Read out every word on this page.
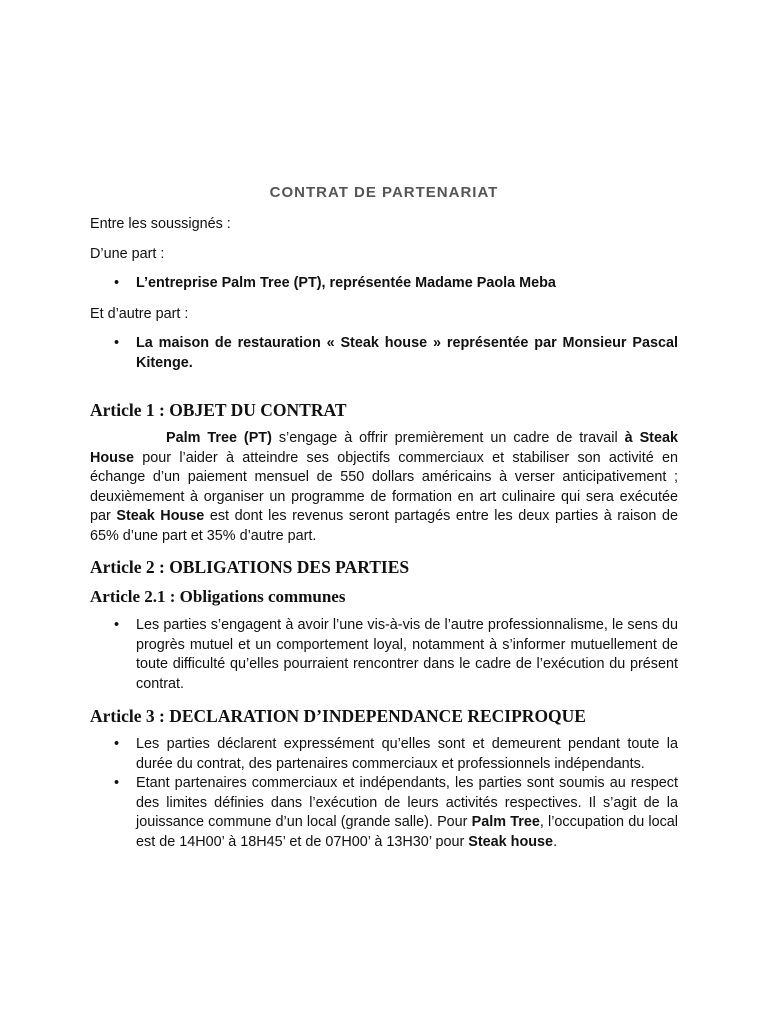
CONTRAT DE PARTENARIAT

Entre les soussignés :

D’une part :

• L’entreprise Palm Tree (PT), représentée Madame Paola Meba

Et d’autre part :

• La maison de restauration « Steak house » représentée par Monsieur Pascal Kitenge.
Article 1 : OBJET DU CONTRAT

Palm Tree (PT) s’engage à offrir premièrement un cadre de travail à Steak House pour l’aider à atteindre ses objectifs commerciaux et stabiliser son activité en échange d’un paiement mensuel de 550 dollars américains à verser anticipativement ; deuxièmement à organiser un programme de formation en art culinaire qui sera exécutée par Steak House est dont les revenus seront partagés entre les deux parties à raison de 65% d’une part et 35% d’autre part.

Article 2 : OBLIGATIONS DES PARTIES
Article 2.1 : Obligations communes
• Les parties s’engagent à avoir l’une vis-à-vis de l’autre professionnalisme, le sens du progrès mutuel et un comportement loyal, notamment à s’informer mutuellement de toute difficulté qu’elles pourraient rencontrer dans le cadre de l’exécution du présent contrat.
Article 3 : DECLARATION D’INDEPENDANCE RECIPROQUE
• Les parties déclarent expressément qu’elles sont et demeurent pendant toute la durée du contrat, des partenaires commerciaux et professionnels indépendants.
• Etant partenaires commerciaux et indépendants, les parties sont soumis au respect des limites définies dans l’exécution de leurs activités respectives. Il s’agit de la jouissance commune d’un local (grande salle). Pour Palm Tree, l’occupation du local est de 14H00’ à 18H45’ et de 07H00’ à 13H30’ pour Steak house.
